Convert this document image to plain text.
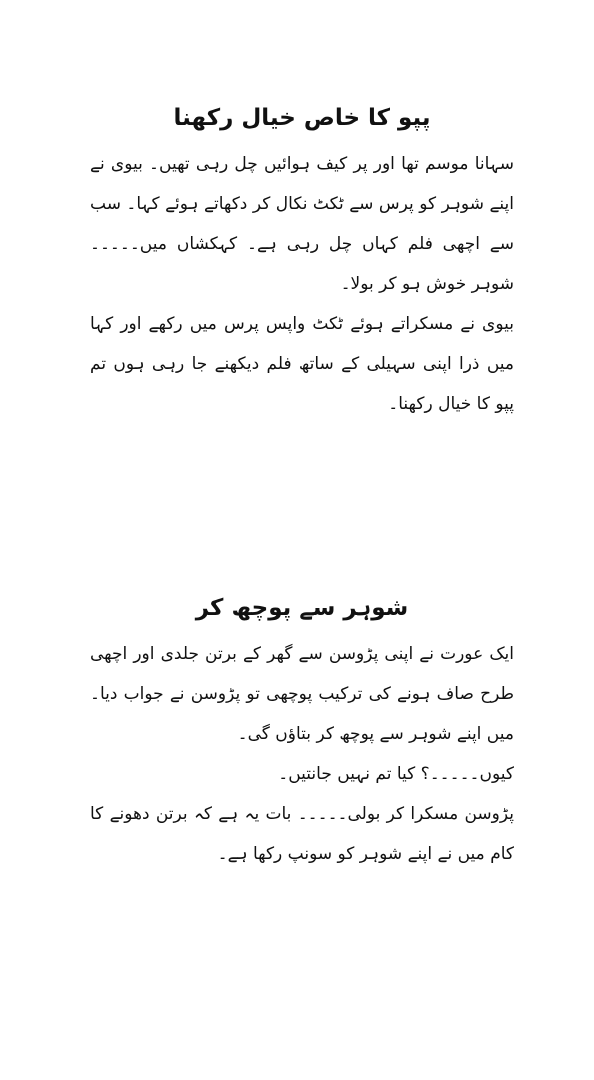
پپو کا خاص خیال رکھنا

سہانا موسم تھا اور پر کیف ہوائیں چل رہی تھیں۔ بیوی نے اپنے شوہر کو پرس سے ٹکٹ نکال کر دکھاتے ہوئے کہا۔ سب سے اچھی فلم کہاں چل رہی ہے۔ کہکشاں میں۔۔۔۔۔ شوہر خوش ہو کر بولا۔

بیوی نے مسکراتے ہوئے ٹکٹ واپس پرس میں رکھے اور کہا میں ذرا اپنی سہیلی کے ساتھ فلم دیکھنے جا رہی ہوں تم پپو کا خیال رکھنا۔

شوہر سے پوچھ کر

ایک عورت نے اپنی پڑوسن سے گھر کے برتن جلدی اور اچھی طرح صاف ہونے کی ترکیب پوچھی تو پڑوسن نے جواب دیا۔ میں اپنے شوہر سے پوچھ کر بتاؤں گی۔

کیوں۔۔۔۔۔؟ کیا تم نہیں جانتیں۔

پڑوسن مسکرا کر بولی۔۔۔۔۔ بات یہ ہے کہ برتن دھونے کا کام میں نے اپنے شوہر کو سونپ رکھا ہے۔
